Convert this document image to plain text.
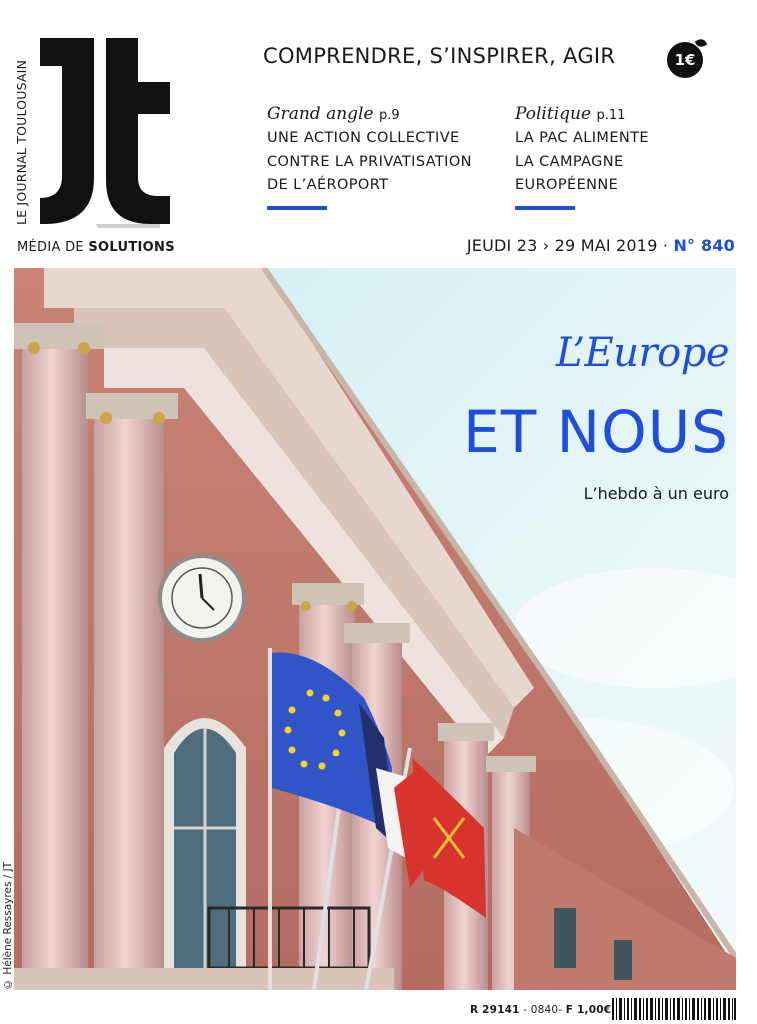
LE JOURNAL TOULOUSAIN
MÉDIA DE SOLUTIONS
COMPRENDRE, S’INSPIRER, AGIR	1€
Grand angle p.9
UNE ACTION COLLECTIVE
CONTRE LA PRIVATISATION
DE L’AÉROPORT
Politique p.11
LA PAC ALIMENTE
LA CAMPAGNE
EUROPÉENNE
JEUDI 23 › 29 MAI 2019 · N° 840
L’Europe
ET NOUS
L’hebdo à un euro
© Hélène Ressayres / JT
R 29141 - 0840- F 1,00€
